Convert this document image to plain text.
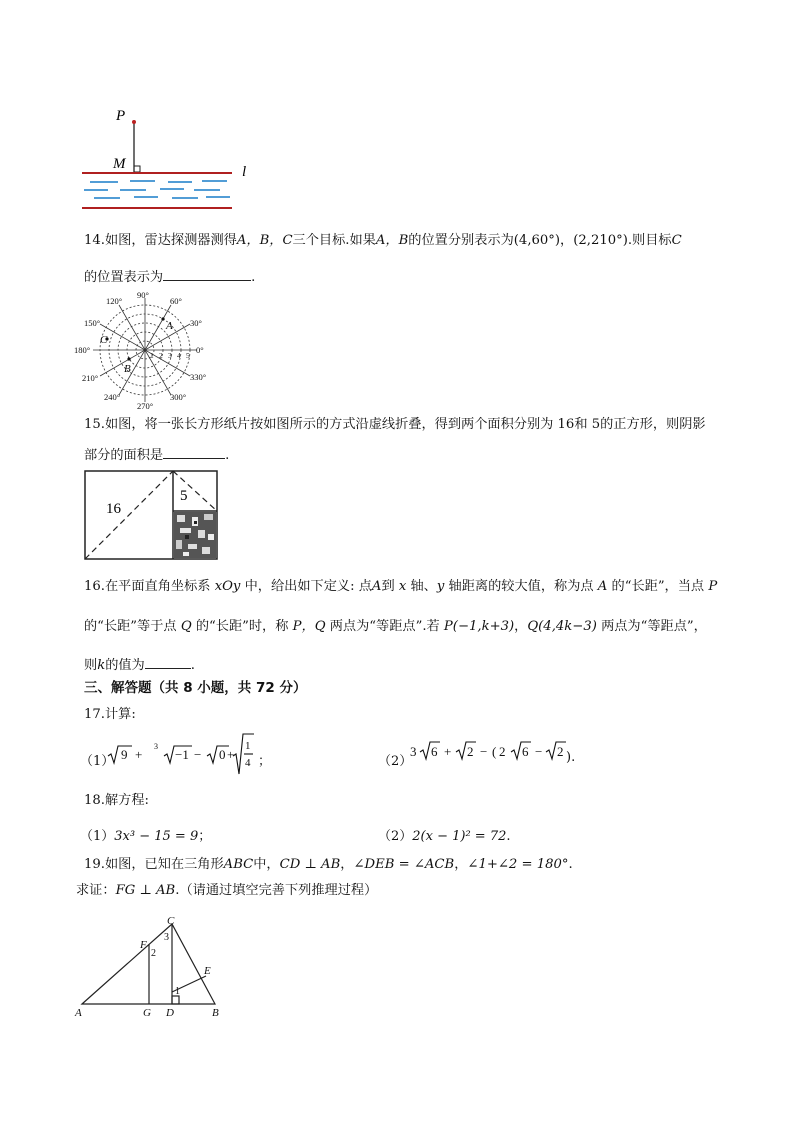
P
M	l
14.如图，雷达探测器测得A，B，C三个目标.如果A，B的位置分别表示为(4,60°)，(2,210°).则目标C
的位置表示为	.
90°
60°
30°
0°
330°
300°
270°
240°
210°
180°
150°
120°
A
B
C
1 2 3 4 5
15.如图，将一张长方形纸片按如图所示的方式沿虚线折叠，得到两个面积分别为 16和 5的正方形，则阴影
部分的面积是	.
16
5
16.在平面直角坐标系 xOy 中，给出如下定义: 点A到 x 轴、y 轴距离的较大值，称为点 A 的“长距”，当点 P
的“长距”等于点 Q 的“长距”时，称 P，Q 两点为“等距点”.若 P(−1,k+3)，Q(4,4k−3) 两点为“等距点”，
则k的值为	.
三、解答题（共 8 小题，共 72 分）
17.计算:
（1） 9 +
3
−1 − 0
1
4
+ ；	（2）
3 6 + 2 − ( 2 6 − 2 ).
18.解方程:
（1）3x³ − 15 = 9；	（2）2(x − 1)² = 72.
19.如图，已知在三角形ABC中，CD ⊥ AB，∠DEB = ∠ACB，∠1+∠2 = 180°.
求证：FG ⊥ AB.（请通过填空完善下列推理过程）
A	G D	B
C
F
E
1
2
3
